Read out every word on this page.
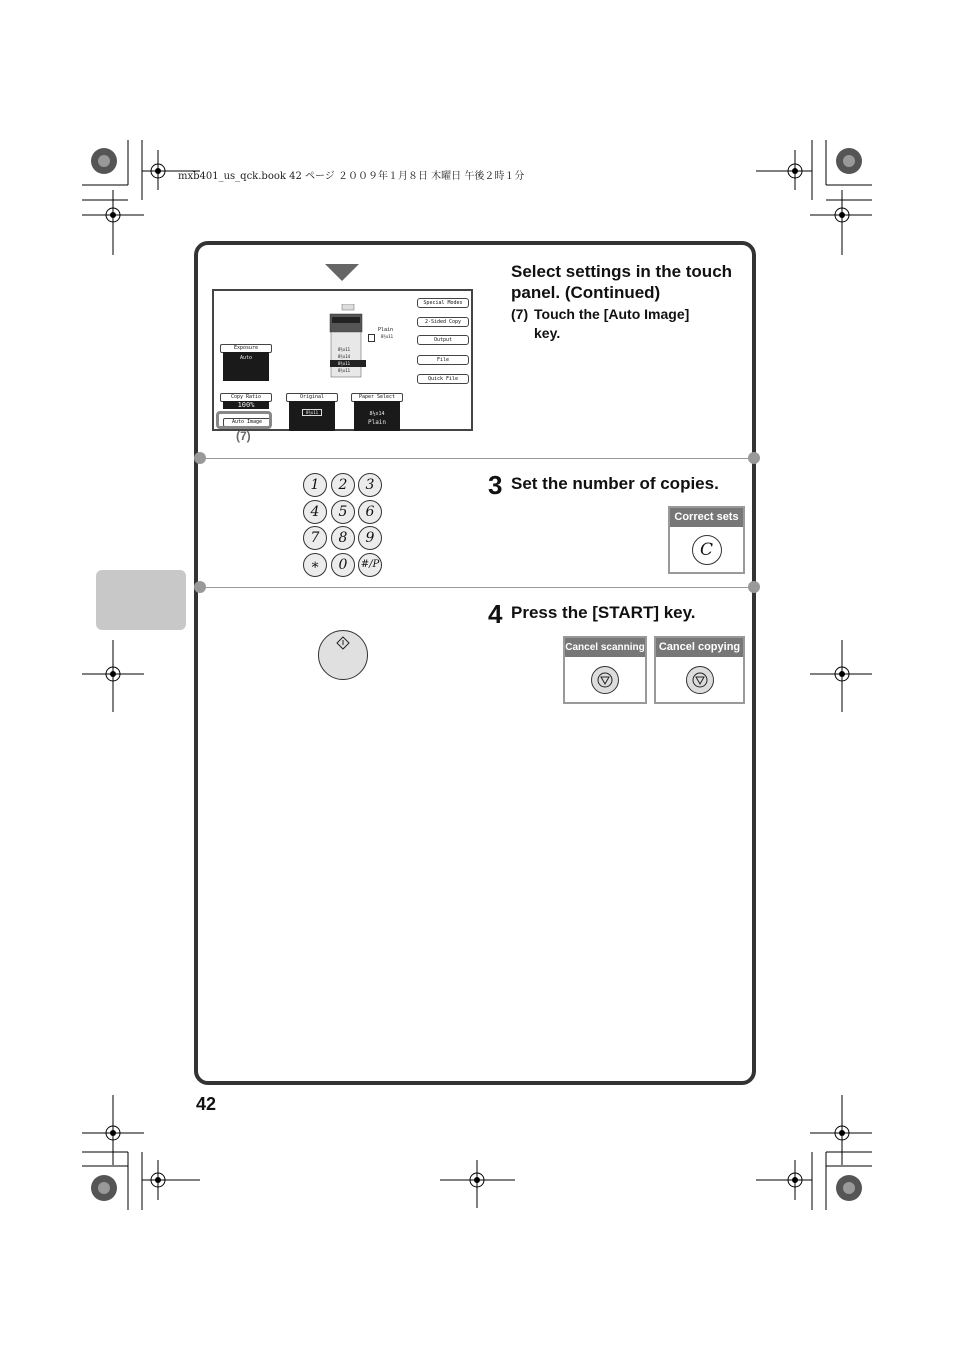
mxb401_us_qck.book 42 ページ ２００９年１月８日 木曜日 午後２時１分
Select settings in the touch
panel. (Continued)
(7) Touch the [Auto Image]
key.
Special Modes
2-Sided Copy
Output
File
Quick File
8½x11
8½x14
8½x11
8½x11
Plain
8½x11
Exposure
Auto
Copy Ratio
100%
Auto Image
Original
8½x11
Paper Select
8½x14
Plain
(7)
3 Set the number of copies.
1	2	3
4	5	6
7	8	9
∗	0	#/P
Correct sets
C
4 Press the [START] key.
Cancel scanning Cancel copying
42
